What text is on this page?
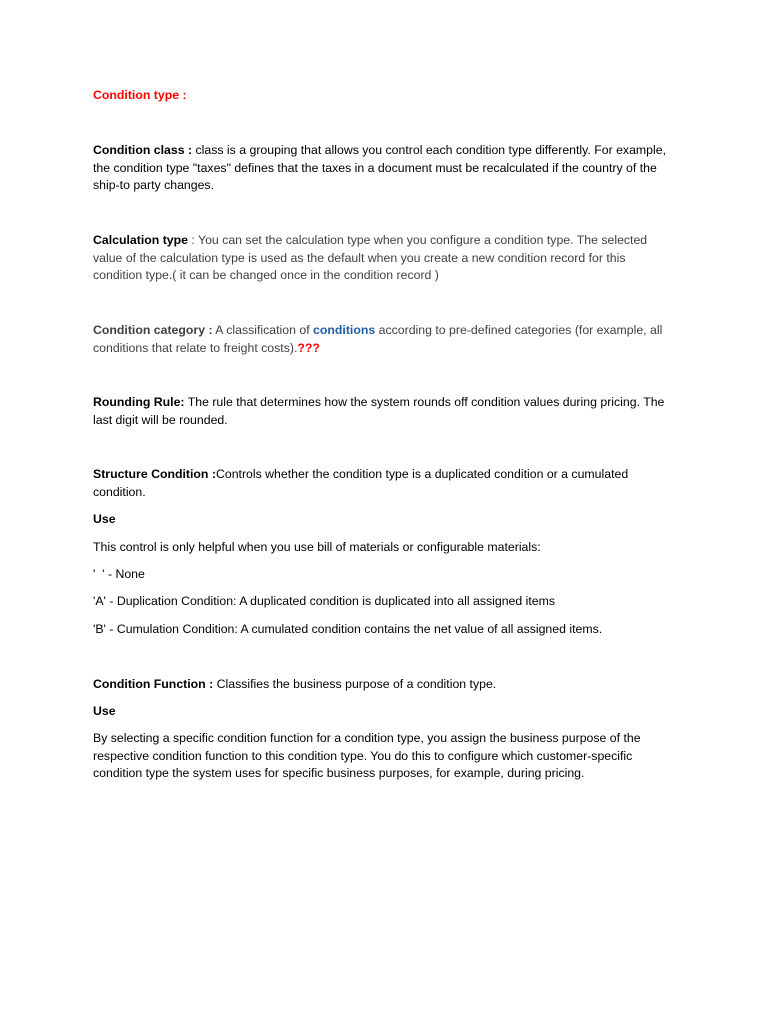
Condition type :

Condition class : class is a grouping that allows you control each condition type differently. For example, the condition type "taxes" defines that the taxes in a document must be recalculated if the country of the ship-to party changes.

Calculation type : You can set the calculation type when you configure a condition type. The selected value of the calculation type is used as the default when you create a new condition record for this condition type.( it can be changed once in the condition record )

Condition category : A classification of conditions according to pre-defined categories (for example, all conditions that relate to freight costs).???

Rounding Rule: The rule that determines how the system rounds off condition values during pricing. The last digit will be rounded.

Structure Condition :Controls whether the condition type is a duplicated condition or a cumulated condition.

Use

This control is only helpful when you use bill of materials or configurable materials:

'  ' - None

'A' - Duplication Condition: A duplicated condition is duplicated into all assigned items

'B' - Cumulation Condition: A cumulated condition contains the net value of all assigned items.

Condition Function : Classifies the business purpose of a condition type.

Use

By selecting a specific condition function for a condition type, you assign the business purpose of the respective condition function to this condition type. You do this to configure which customer-specific condition type the system uses for specific business purposes, for example, during pricing.
